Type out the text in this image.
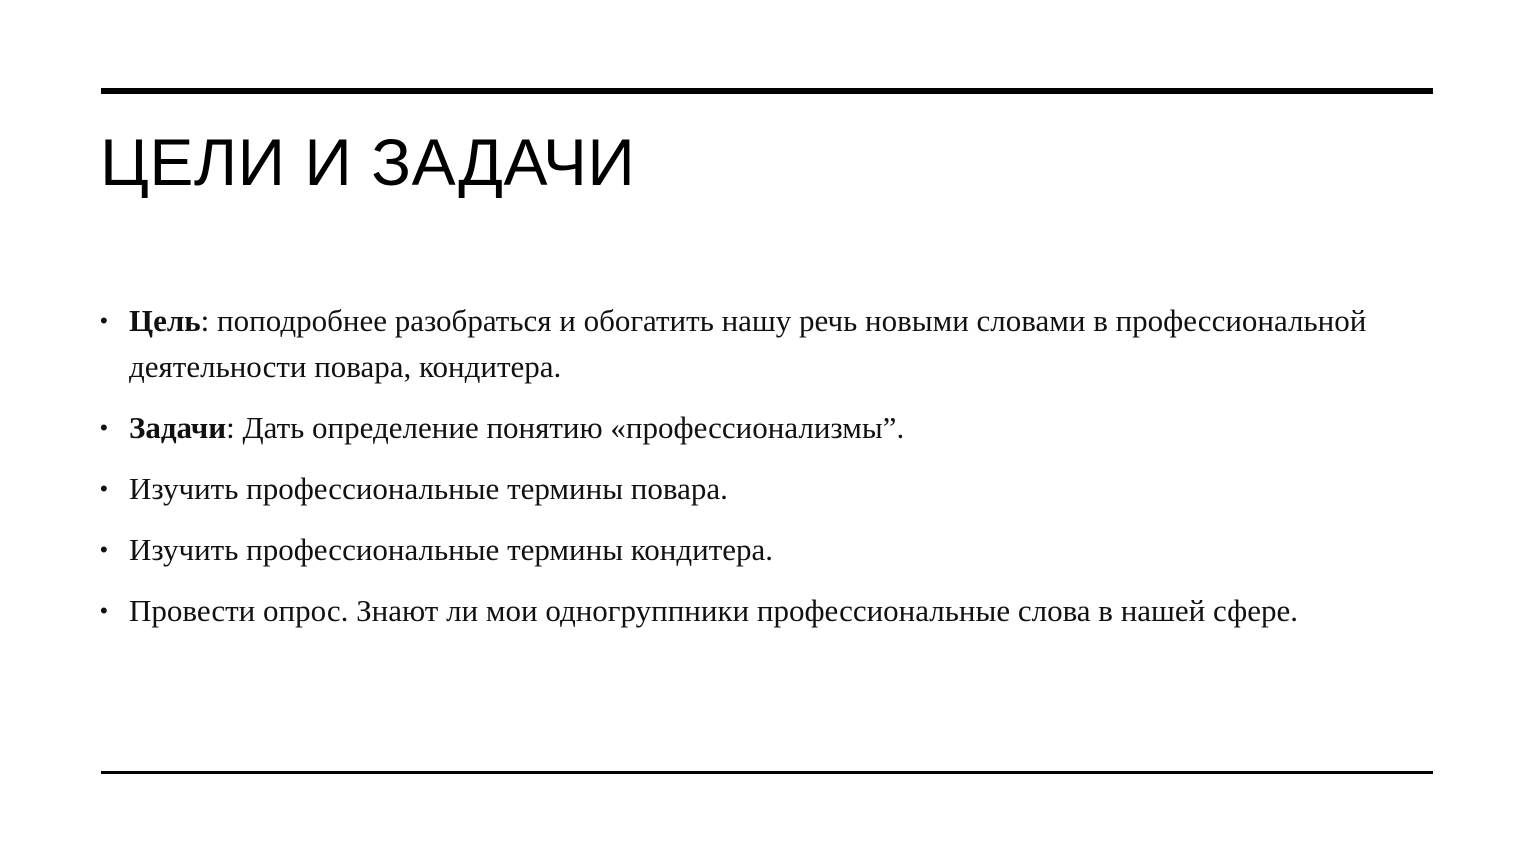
ЦЕЛИ И ЗАДАЧИ
• Цель: поподробнее разобраться и обогатить нашу речь новыми словами в профессиональной деятельности повара, кондитера.
• Задачи: Дать определение понятию «профессионализмы”.
• Изучить профессиональные термины повара.
• Изучить профессиональные термины кондитера.
• Провести опрос. Знают ли мои одногруппники профессиональные слова в нашей сфере.
